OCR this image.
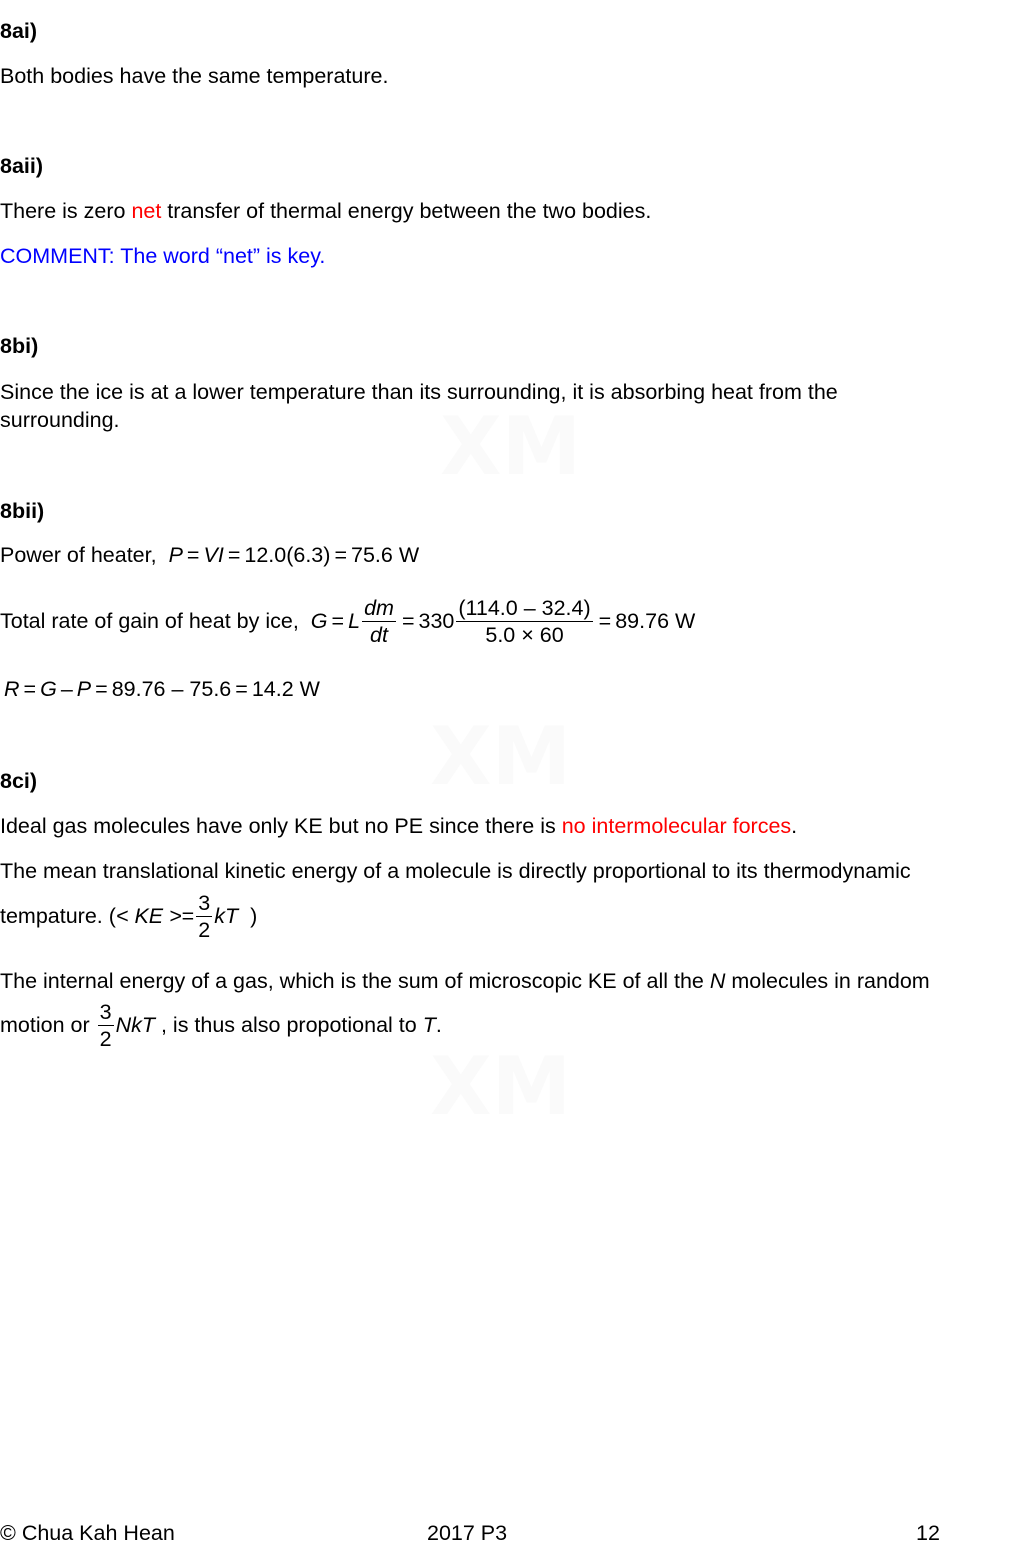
8ai)
Both bodies have the same temperature.
8aii)
There is zero net transfer of thermal energy between the two bodies.
COMMENT: The word “net” is key.
8bi)
Since the ice is at a lower temperature than its surrounding, it is absorbing heat from the
surrounding.
8bii)
Power of heater, P = VI = 12.0(6.3) = 75.6 W
Total rate of gain of heat by ice, G = L $\frac{dm}{dt} = 330 \frac{(114.0 - 32.4)}{5.0 \times 60} = 89.76$ W
R = G – P = 89.76 – 75.6 = 14.2 W
8ci)
Ideal gas molecules have only KE but no PE since there is no intermolecular forces.
The mean translational kinetic energy of a molecule is directly proportional to its thermodynamic
tempature. ( < KE > = $\frac{3}{2}$ kT )
The internal energy of a gas, which is the sum of microscopic KE of all the N molecules in random
motion or $\frac{3}{2}$ NkT , is thus also propotional to T .
© Chua Kah Hean	2017 P3	12
